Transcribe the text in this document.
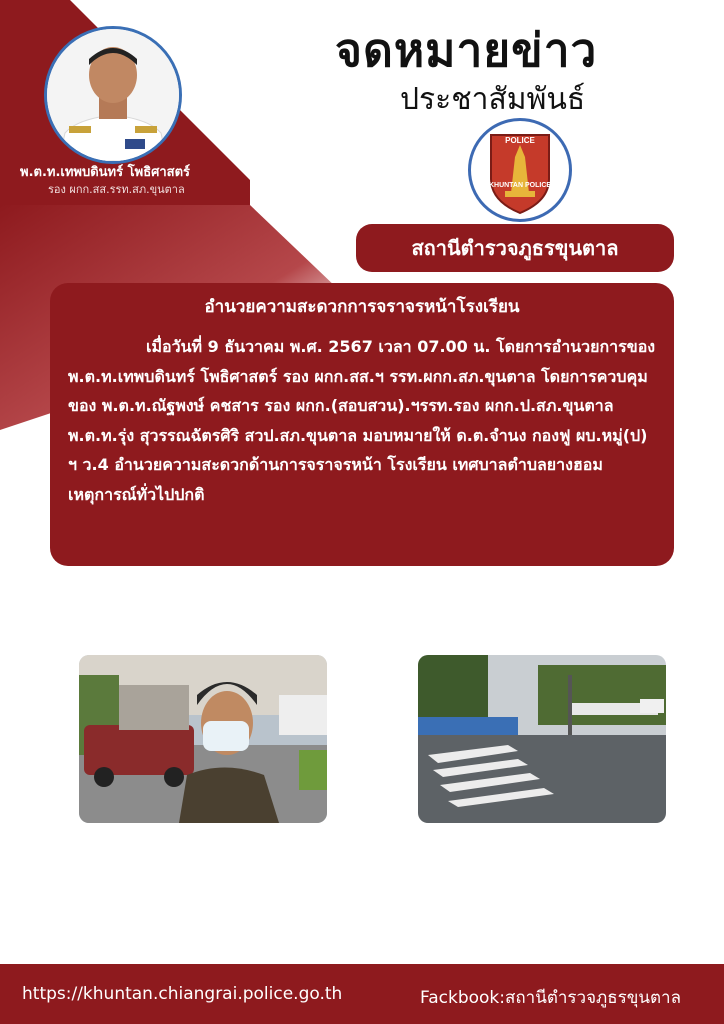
จดหมายข่าว
ประชาสัมพันธ์
พ.ต.ท.เทพบดินทร์ โพธิศาสตร์
รอง ผกก.สส.รรท.สภ.ขุนตาล
POLICE
KHUNTAN POLICE
สถานีตำรวจภูธรขุนตาล
อำนวยความสะดวกการจราจรหน้าโรงเรียน

เมื่อวันที่ 9 ธันวาคม พ.ศ. 2567 เวลา 07.00 น. โดยการอำนวยการของ พ.ต.ท.เทพบดินทร์ โพธิศาสตร์ รอง ผกก.สส.ฯ รรท.ผกก.สภ.ขุนตาล โดยการควบคุมของ พ.ต.ท.ณัฐพงษ์ คชสาร รอง ผกก.(สอบสวน).ฯรรท.รอง ผกก.ป.สภ.ขุนตาล พ.ต.ท.รุ่ง สุวรรณฉัตรศิริ สวป.สภ.ขุนตาล มอบหมายให้ ด.ต.จำนง กองฟู ผบ.หมู่(ป) ฯ ว.4 อำนวยความสะดวกด้านการจราจรหน้า โรงเรียน เทศบาลตำบลยางฮอม เหตุการณ์ทั่วไปปกติ

https://khuntan.chiangrai.police.go.th	Fackbook:สถานีตำรวจภูธรขุนตาล
